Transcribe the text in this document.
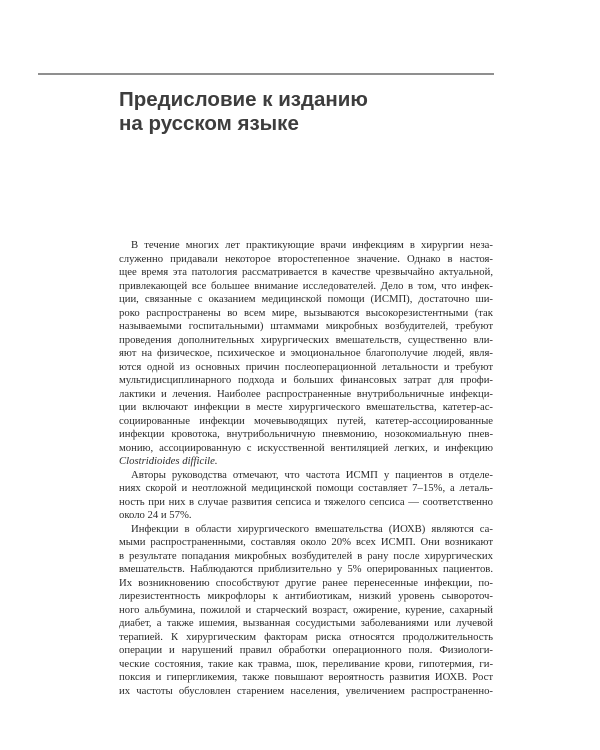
Предисловие к изданию
на русском языке
В течение многих лет практикующие врачи инфекциям в хирургии неза-
служенно придавали некоторое второстепенное значение. Однако в настоя-
щее время эта патология рассматривается в качестве чрезвычайно актуальной,
привлекающей все большее внимание исследователей. Дело в том, что инфек-
ции, связанные с оказанием медицинской помощи (ИСМП), достаточно ши-
роко распространены во всем мире, вызываются высокорезистентными (так
называемыми госпитальными) штаммами микробных возбудителей, требуют
проведения дополнительных хирургических вмешательств, существенно вли-
яют на физическое, психическое и эмоциональное благополучие людей, явля-
ются одной из основных причин послеоперационной летальности и требуют
мультидисциплинарного подхода и больших финансовых затрат для профи-
лактики и лечения. Наиболее распространенные внутрибольничные инфекци-
ции включают инфекции в месте хирургического вмешательства, катетер-ас-
социированные инфекции мочевыводящих путей, катетер-ассоциированные
инфекции кровотока, внутрибольничную пневмонию, нозокомиальную пнев-
монию, ассоциированную с искусственной вентиляцией легких, и инфекцию
Clostridioides difficile.
Авторы руководства отмечают, что частота ИСМП у пациентов в отделе-
ниях скорой и неотложной медицинской помощи составляет 7–15%, а леталь-
ность при них в случае развития сепсиса и тяжелого сепсиса — соответственно
около 24 и 57%.
Инфекции в области хирургического вмешательства (ИОХВ) являются са-
мыми распространенными, составляя около 20% всех ИСМП. Они возникают
в результате попадания микробных возбудителей в рану после хирургических
вмешательств. Наблюдаются приблизительно у 5% оперированных пациентов.
Их возникновению способствуют другие ранее перенесенные инфекции, по-
лирезистентность микрофлоры к антибиотикам, низкий уровень сывороточ-
ного альбумина, пожилой и старческий возраст, ожирение, курение, сахарный
диабет, а также ишемия, вызванная сосудистыми заболеваниями или лучевой
терапией. К хирургическим факторам риска относятся продолжительность
операции и нарушений правил обработки операционного поля. Физиологи-
ческие состояния, такие как травма, шок, переливание крови, гипотермия, ги-
поксия и гипергликемия, также повышают вероятность развития ИОХВ. Рост
их частоты обусловлен старением населения, увеличением распространенно-
